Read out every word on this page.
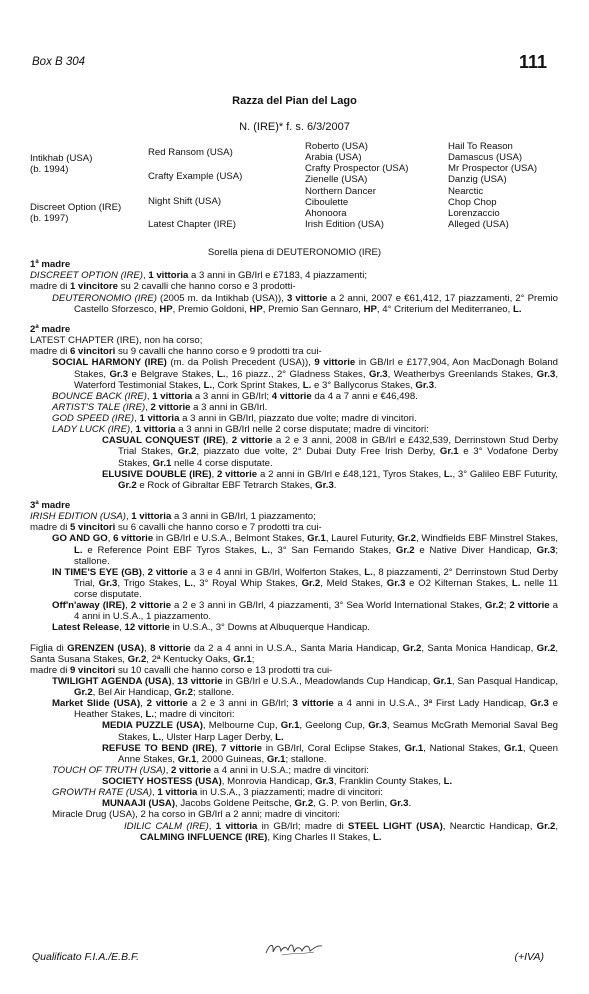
Box B 304	111
Razza del Pian del Lago
N. (IRE)* f. s. 6/3/2007
Intikhab (USA)
(b. 1994)
Discreet Option (IRE)
(b. 1997)
Red Ransom (USA)
Crafty Example (USA)
Night Shift (USA)
Latest Chapter (IRE)
Roberto (USA)
Arabia (USA)
Crafty Prospector (USA)
Zienelle (USA)
Northern Dancer
Ciboulette
Ahonoora
Irish Edition (USA)
Hail To Reason
Damascus (USA)
Mr Prospector (USA)
Danzig (USA)
Nearctic
Chop Chop
Lorenzaccio
Alleged (USA)
Sorella piena di DEUTERONOMIO (IRE)

1$^a$ madre

DISCREET OPTION (IRE), 1 vittoria a 3 anni in GB/Irl e £7183, 4 piazzamenti;

madre di 1 vincitore su 2 cavalli che hanno corso e 3 prodotti-

DEUTERONOMIO (IRE) (2005 m. da Intikhab (USA)), 3 vittorie a 2 anni, 2007 e €61,412, 17 piazzamenti, 2° Premio Castello Sforzesco, HP, Premio Goldoni, HP, Premio San Gennaro, HP, 4° Criterium del Mediterraneo, L.

2$^a$ madre

LATEST CHAPTER (IRE), non ha corso;

madre di 6 vincitori su 9 cavalli che hanno corso e 9 prodotti tra cui-

SOCIAL HARMONY (IRE) (m. da Polish Precedent (USA)), 9 vittorie in GB/Irl e £177,904, Aon MacDonagh Boland Stakes, Gr.3 e Belgrave Stakes, L., 16 piazz., 2° Gladness Stakes, Gr.3, Weatherbys Greenlands Stakes, Gr.3, Waterford Testimonial Stakes, L., Cork Sprint Stakes, L. e 3° Ballycorus Stakes, Gr.3.

BOUNCE BACK (IRE), 1 vittoria a 3 anni in GB/Irl; 4 vittorie da 4 a 7 anni e €46,498.

ARTIST'S TALE (IRE), 2 vittorie a 3 anni in GB/Irl.

GOD SPEED (IRE), 1 vittoria a 3 anni in GB/Irl, piazzato due volte; madre di vincitori.

LADY LUCK (IRE), 1 vittoria a 3 anni in GB/Irl nelle 2 corse disputate; madre di vincitori:

CASUAL CONQUEST (IRE), 2 vittorie a 2 e 3 anni, 2008 in GB/Irl e £432,539, Derrinstown Stud Derby Trial Stakes, Gr.2, piazzato due volte, 2° Dubai Duty Free Irish Derby, Gr.1 e 3° Vodafone Derby Stakes, Gr.1 nelle 4 corse disputate.

ELUSIVE DOUBLE (IRE), 2 vittorie a 2 anni in GB/Irl e £48,121, Tyros Stakes, L., 3° Galileo EBF Futurity, Gr.2 e Rock of Gibraltar EBF Tetrarch Stakes, Gr.3.

3$^a$ madre

IRISH EDITION (USA), 1 vittoria a 3 anni in GB/Irl, 1 piazzamento;

madre di 5 vincitori su 6 cavalli che hanno corso e 7 prodotti tra cui-

GO AND GO, 6 vittorie in GB/Irl e U.S.A., Belmont Stakes, Gr.1, Laurel Futurity, Gr.2, Windfields EBF Minstrel Stakes, L. e Reference Point EBF Tyros Stakes, L., 3° San Fernando Stakes, Gr.2 e Native Diver Handicap, Gr.3; stallone.

IN TIME'S EYE (GB), 2 vittorie a 3 e 4 anni in GB/Irl, Wolferton Stakes, L., 8 piazzamenti, 2° Derrinstown Stud Derby Trial, Gr.3, Trigo Stakes, L., 3° Royal Whip Stakes, Gr.2, Meld Stakes, Gr.3 e O2 Kilternan Stakes, L. nelle 11 corse disputate.

Off'n'away (IRE), 2 vittorie a 2 e 3 anni in GB/Irl, 4 piazzamenti, 3° Sea World International Stakes, Gr.2; 2 vittorie a 4 anni in U.S.A., 1 piazzamento.

Latest Release, 12 vittorie in U.S.A., 3° Downs at Albuquerque Handicap.

Figlia di GRENZEN (USA), 8 vittorie da 2 a 4 anni in U.S.A., Santa Maria Handicap, Gr.2, Santa Monica Handicap, Gr.2, Santa Susana Stakes, Gr.2, 2ª Kentucky Oaks, Gr.1;

madre di 9 vincitori su 10 cavalli che hanno corso e 13 prodotti tra cui-

TWILIGHT AGENDA (USA), 13 vittorie in GB/Irl e U.S.A., Meadowlands Cup Handicap, Gr.1, San Pasqual Handicap, Gr.2, Bel Air Handicap, Gr.2; stallone.

Market Slide (USA), 2 vittorie a 2 e 3 anni in GB/Irl; 3 vittorie a 4 anni in U.S.A., 3ª First Lady Handicap, Gr.3 e Heather Stakes, L.; madre di vincitori:

MEDIA PUZZLE (USA), Melbourne Cup, Gr.1, Geelong Cup, Gr.3, Seamus McGrath Memorial Saval Beg Stakes, L., Ulster Harp Lager Derby, L.

REFUSE TO BEND (IRE), 7 vittorie in GB/Irl, Coral Eclipse Stakes, Gr.1, National Stakes, Gr.1, Queen Anne Stakes, Gr.1, 2000 Guineas, Gr.1; stallone.

TOUCH OF TRUTH (USA), 2 vittorie a 4 anni in U.S.A.; madre di vincitori:

SOCIETY HOSTESS (USA), Monrovia Handicap, Gr.3, Franklin County Stakes, L.

GROWTH RATE (USA), 1 vittoria in U.S.A., 3 piazzamenti; madre di vincitori:

MUNAAJI (USA), Jacobs Goldene Peitsche, Gr.2, G. P. von Berlin, Gr.3.

Miracle Drug (USA), 2 ha corso in GB/Irl a 2 anni; madre di vincitori:

IDILIC CALM (IRE), 1 vittoria in GB/Irl; madre di STEEL LIGHT (USA), Nearctic Handicap, Gr.2, CALMING INFLUENCE (IRE), King Charles II Stakes, L.

Qualificato F.I.A./E.B.F.	(+IVA)
